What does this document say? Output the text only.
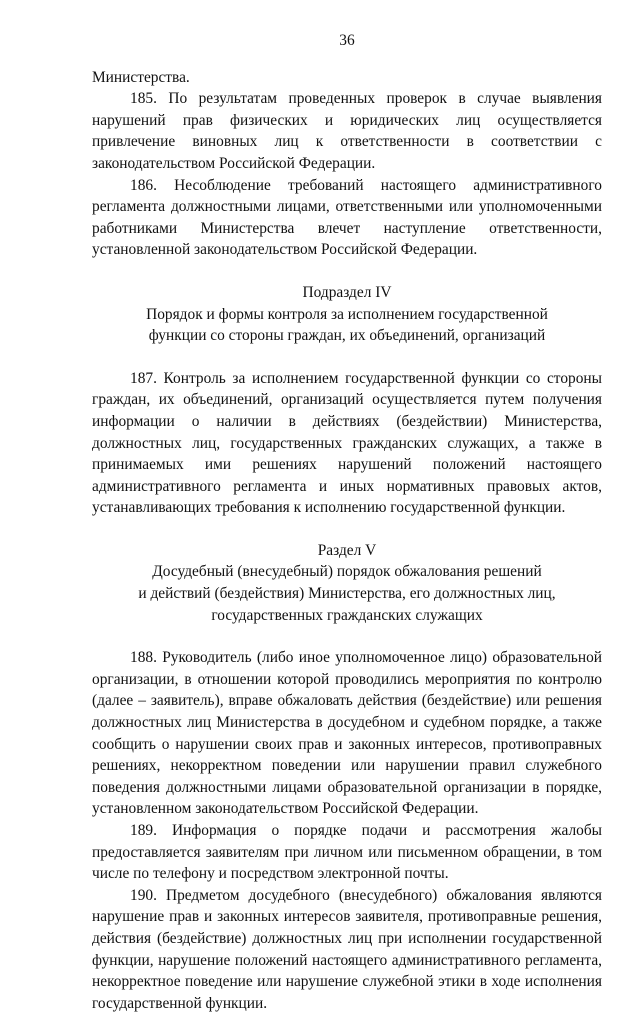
36

Министерства.

185. По результатам проведенных проверок в случае выявления нарушений прав физических и юридических лиц осуществляется привлечение виновных лиц к ответственности в соответствии с законодательством Российской Федерации.

186. Несоблюдение требований настоящего административного регламента должностными лицами, ответственными или уполномоченными работниками Министерства влечет наступление ответственности, установленной законодательством Российской Федерации.

Подраздел IV
Порядок и формы контроля за исполнением государственной
функции со стороны граждан, их объединений, организаций

187. Контроль за исполнением государственной функции со стороны граждан, их объединений, организаций осуществляется путем получения информации о наличии в действиях (бездействии) Министерства, должностных лиц, государственных гражданских служащих, а также в принимаемых ими решениях нарушений положений настоящего административного регламента и иных нормативных правовых актов, устанавливающих требования к исполнению государственной функции.

Раздел V
Досудебный (внесудебный) порядок обжалования решений
и действий (бездействия) Министерства, его должностных лиц,
государственных гражданских служащих

188. Руководитель (либо иное уполномоченное лицо) образовательной организации, в отношении которой проводились мероприятия по контролю (далее – заявитель), вправе обжаловать действия (бездействие) или решения должностных лиц Министерства в досудебном и судебном порядке, а также сообщить о нарушении своих прав и законных интересов, противоправных решениях, некорректном поведении или нарушении правил служебного поведения должностными лицами образовательной организации в порядке, установленном законодательством Российской Федерации.

189. Информация о порядке подачи и рассмотрения жалобы предоставляется заявителям при личном или письменном обращении, в том числе по телефону и посредством электронной почты.

190. Предметом досудебного (внесудебного) обжалования являются нарушение прав и законных интересов заявителя, противоправные решения, действия (бездействие) должностных лиц при исполнении государственной функции, нарушение положений настоящего административного регламента, некорректное поведение или нарушение служебной этики в ходе исполнения государственной функции.
